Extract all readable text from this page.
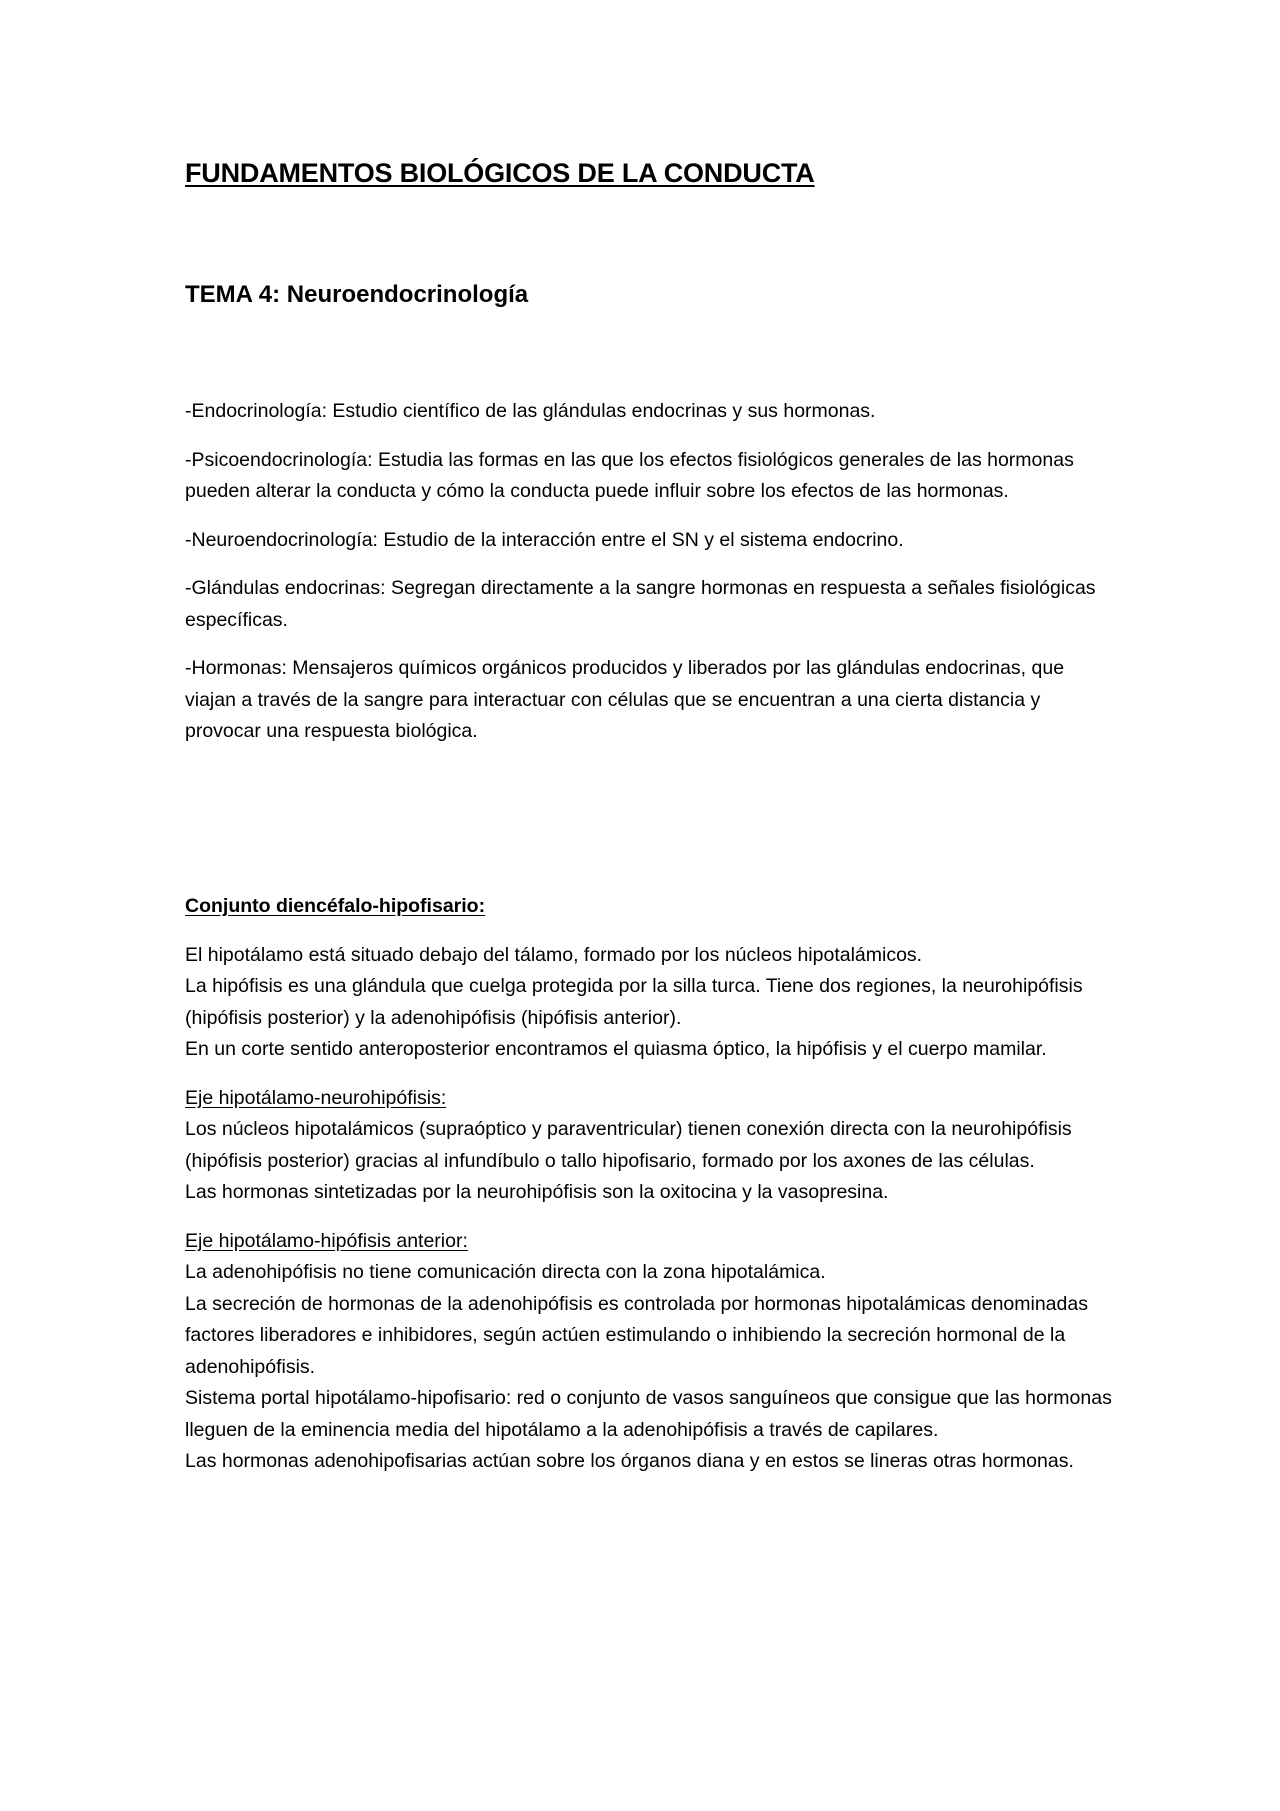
FUNDAMENTOS BIOLÓGICOS DE LA CONDUCTA
TEMA 4: Neuroendocrinología

-Endocrinología: Estudio científico de las glándulas endocrinas y sus hormonas.

-Psicoendocrinología: Estudia las formas en las que los efectos fisiológicos generales de las hormonas pueden alterar la conducta y cómo la conducta puede influir sobre los efectos de las hormonas.

-Neuroendocrinología: Estudio de la interacción entre el SN y el sistema endocrino.

-Glándulas endocrinas: Segregan directamente a la sangre hormonas en respuesta a señales fisiológicas específicas.

-Hormonas: Mensajeros químicos orgánicos producidos y liberados por las glándulas endocrinas, que viajan a través de la sangre para interactuar con células que se encuentran a una cierta distancia y provocar una respuesta biológica.

Conjunto diencéfalo-hipofisario:

El hipotálamo está situado debajo del tálamo, formado por los núcleos hipotalámicos.

La hipófisis es una glándula que cuelga protegida por la silla turca. Tiene dos regiones, la neurohipófisis (hipófisis posterior) y la adenohipófisis (hipófisis anterior).

En un corte sentido anteroposterior encontramos el quiasma óptico, la hipófisis y el cuerpo mamilar.

Eje hipotálamo-neurohipófisis:

Los núcleos hipotalámicos (supraóptico y paraventricular) tienen conexión directa con la neurohipófisis (hipófisis posterior) gracias al infundíbulo o tallo hipofisario, formado por los axones de las células.

Las hormonas sintetizadas por la neurohipófisis son la oxitocina y la vasopresina.

Eje hipotálamo-hipófisis anterior:

La adenohipófisis no tiene comunicación directa con la zona hipotalámica.

La secreción de hormonas de la adenohipófisis es controlada por hormonas hipotalámicas denominadas factores liberadores e inhibidores, según actúen estimulando o inhibiendo la secreción hormonal de la adenohipófisis.

Sistema portal hipotálamo-hipofisario: red o conjunto de vasos sanguíneos que consigue que las hormonas lleguen de la eminencia media del hipotálamo a la adenohipófisis a través de capilares.

Las hormonas adenohipofisarias actúan sobre los órganos diana y en estos se lineras otras hormonas.
